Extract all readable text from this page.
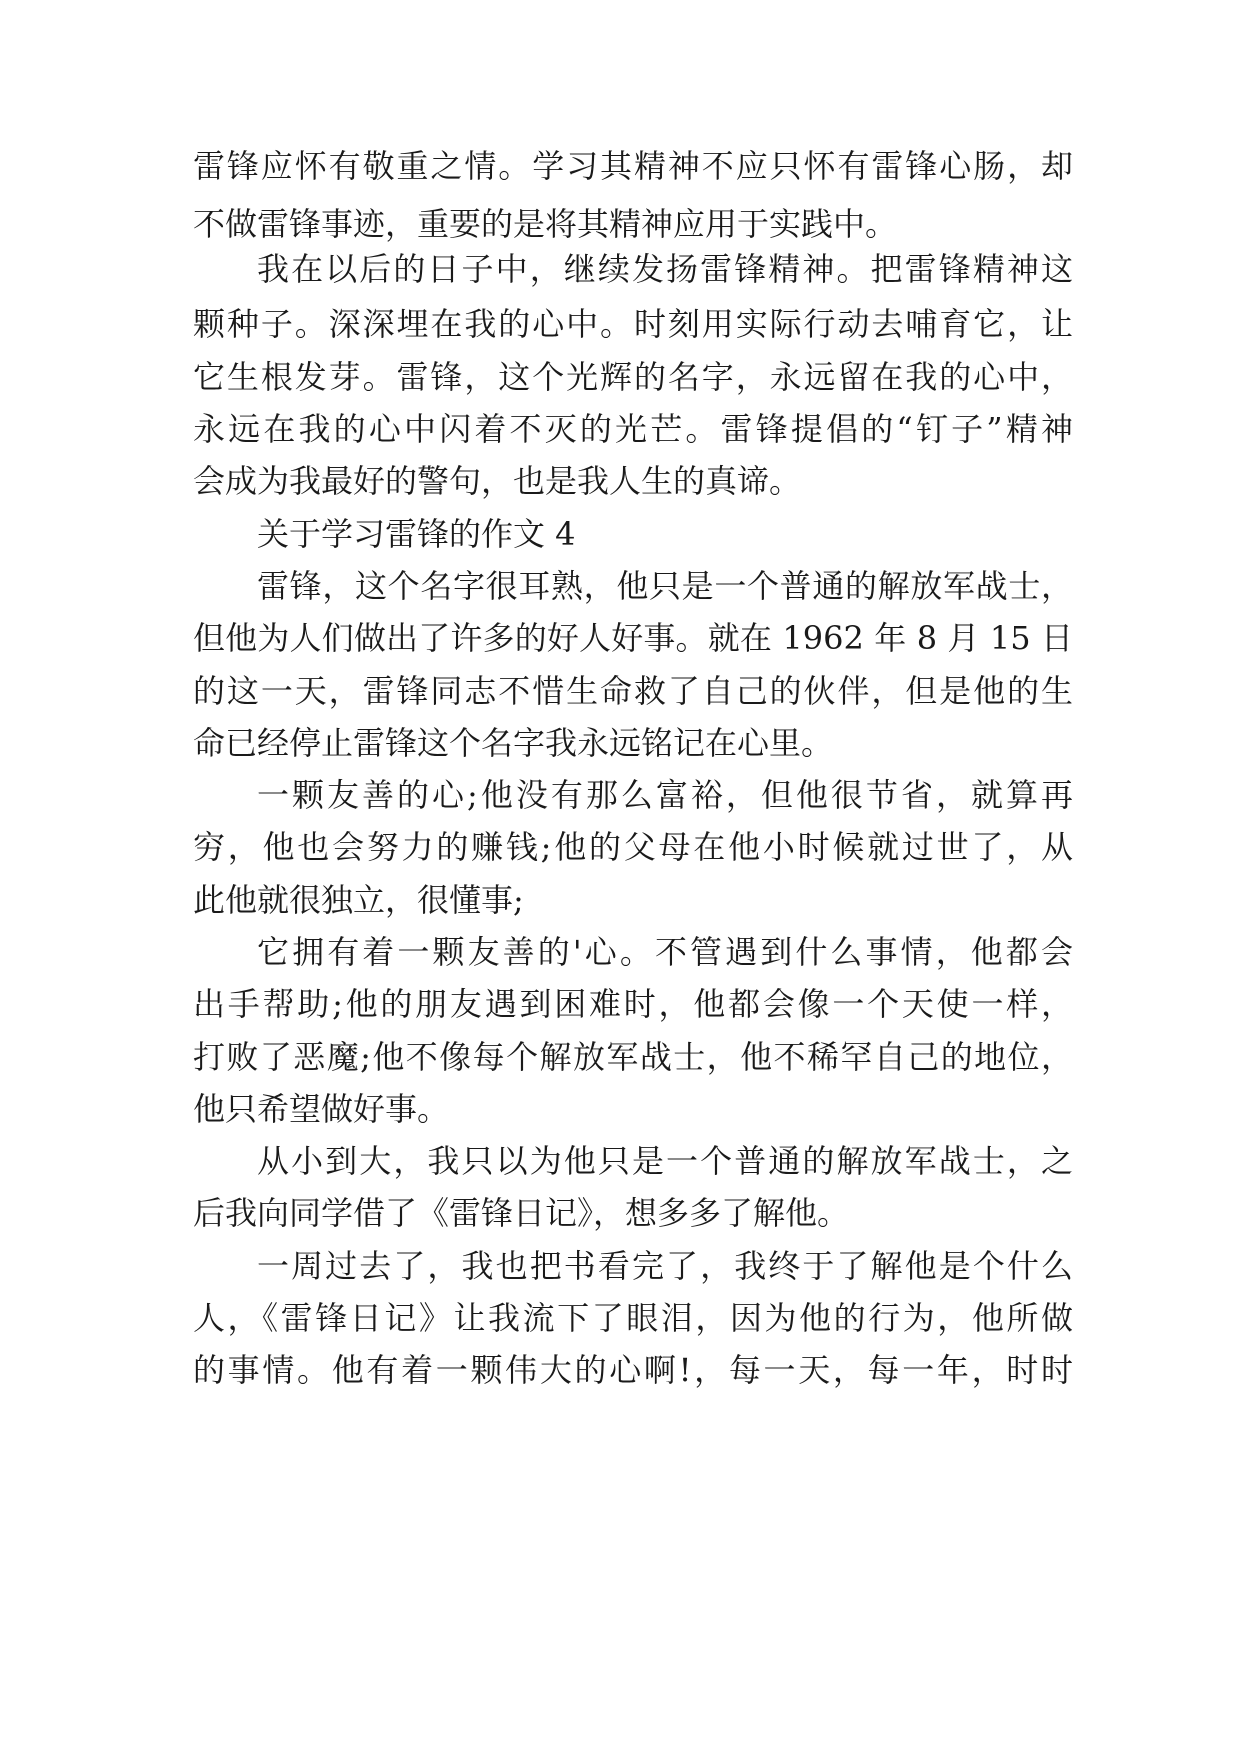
雷锋应怀有敬重之情。学习其精神不应只怀有雷锋心肠，却
不做雷锋事迹，重要的是将其精神应用于实践中。
我在以后的日子中，继续发扬雷锋精神。把雷锋精神这
颗种子。深深埋在我的心中。时刻用实际行动去哺育它，让
它生根发芽。雷锋，这个光辉的名字，永远留在我的心中，
永远在我的心中闪着不灭的光芒。雷锋提倡的“钉子”精神
会成为我最好的警句，也是我人生的真谛。
关于学习雷锋的作文 4
雷锋，这个名字很耳熟，他只是一个普通的解放军战士，
但他为人们做出了许多的好人好事。就在 1962 年 8 月 15 日
的这一天，雷锋同志不惜生命救了自己的伙伴，但是他的生
命已经停止雷锋这个名字我永远铭记在心里。
一颗友善的心;他没有那么富裕，但他很节省，就算再
穷，他也会努力的赚钱;他的父母在他小时候就过世了，从
此他就很独立，很懂事;
它拥有着一颗友善的'心。不管遇到什么事情，他都会
出手帮助;他的朋友遇到困难时，他都会像一个天使一样，
打败了恶魔;他不像每个解放军战士，他不稀罕自己的地位，
他只希望做好事。
从小到大，我只以为他只是一个普通的解放军战士，之
后我向同学借了《雷锋日记》，想多多了解他。
一周过去了，我也把书看完了，我终于了解他是个什么
人，《雷锋日记》让我流下了眼泪，因为他的行为，他所做
的事情。他有着一颗伟大的心啊!，每一天，每一年，时时
